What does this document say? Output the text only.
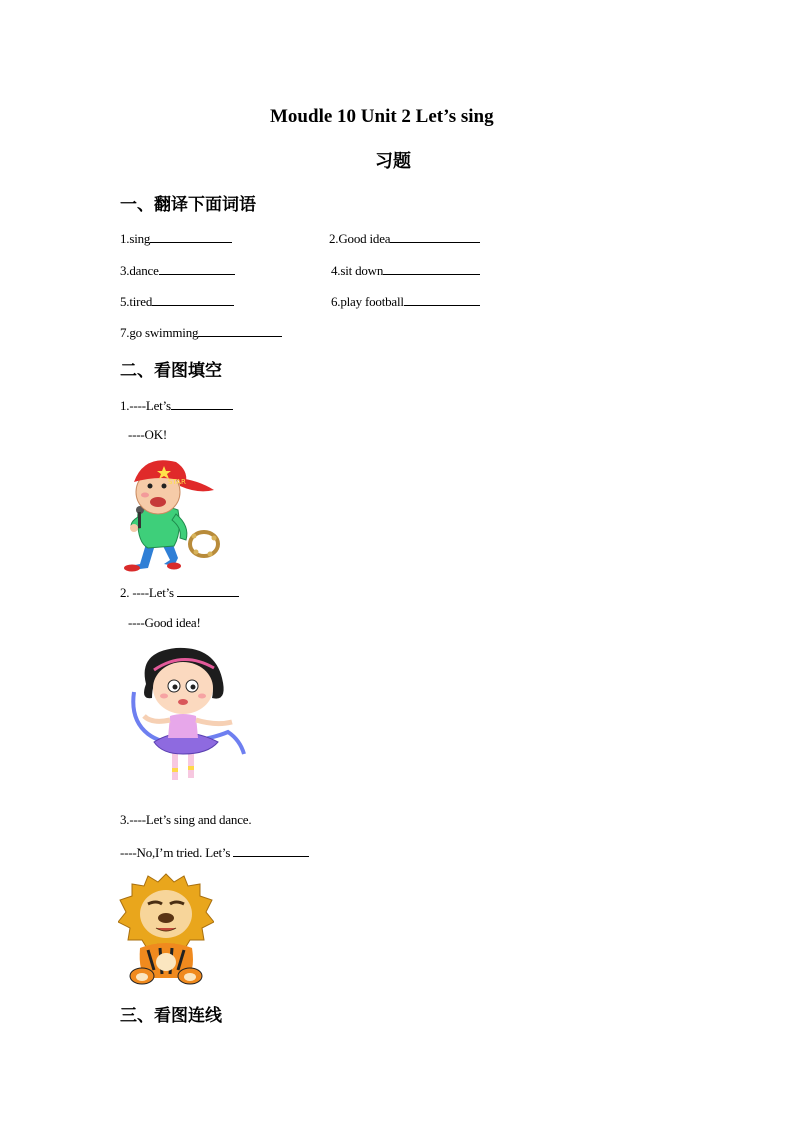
Moudle 10 Unit 2 Let’s sing
习题
一、翻译下面词语
1.sing	2.Good idea
3.dance	4.sit down
5.tired	6.play football
7.go swimming
二、看图填空
1.----Let’s
----OK!
STAR
2. ----Let’s
----Good idea!
3.----Let’s sing and dance.
----No,I’m tried. Let’s
三、看图连线
